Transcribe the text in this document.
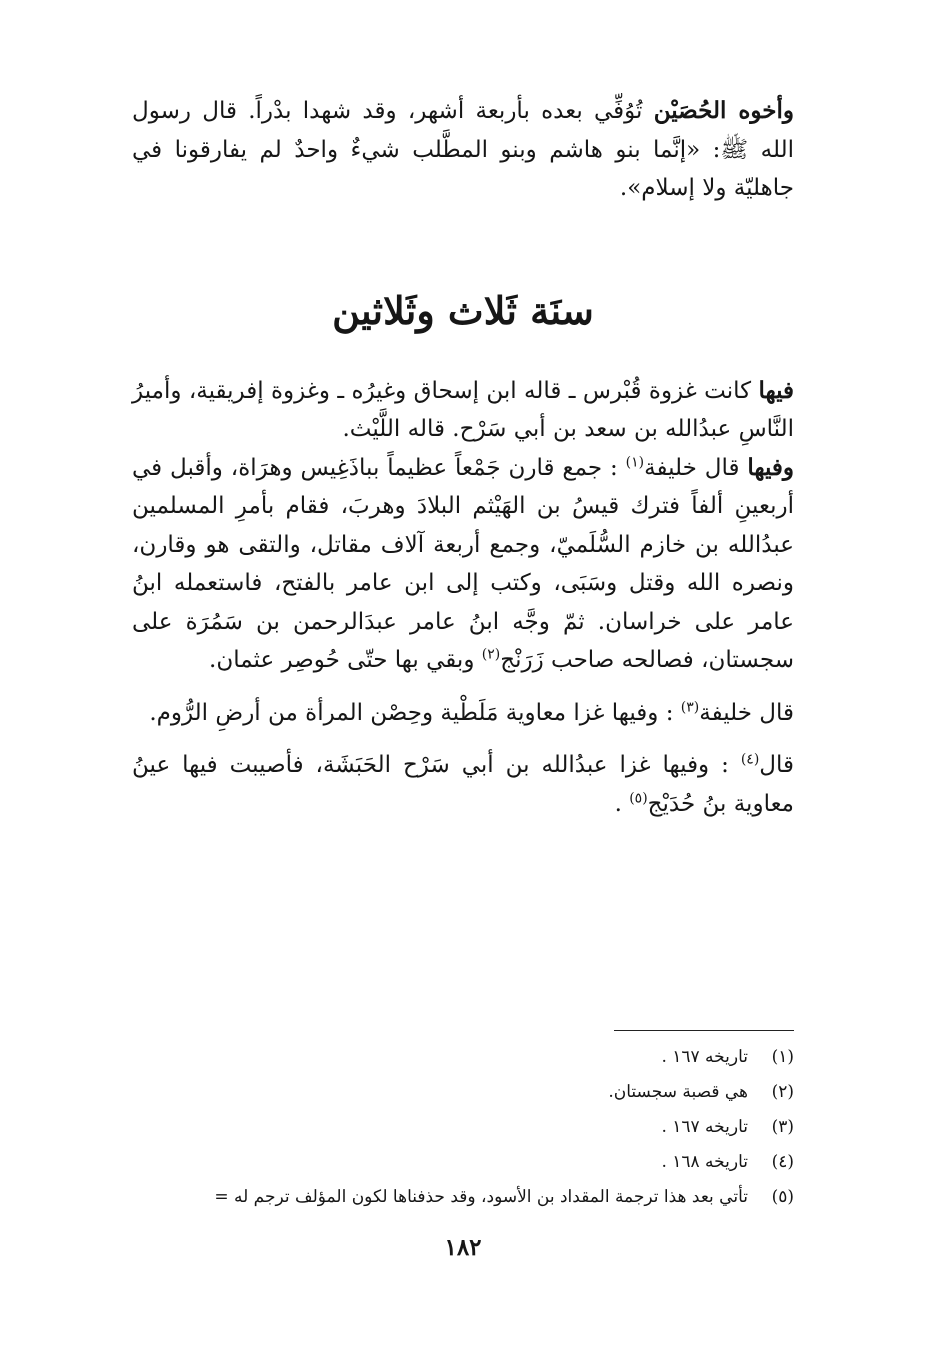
وأخوه الحُصَيْن تُوُفِّي بعده بأربعة أشهر، وقد شهدا بدْراً. قال رسول الله ﷺ: «إنَّما بنو هاشم وبنو المطَّلب شيءٌ واحدٌ لم يفارقونا في جاهليّة ولا إسلام».

سنَة ثَلاث وثَلاثين

فيها كانت غزوة قُبْرس ـ قاله ابن إسحاق وغيرُه ـ وغزوة إفريقية، وأميرُ النَّاسِ عبدُالله بن سعد بن أبي سَرْح. قاله اللَّيْث.

وفيها قال خليفة$^{(١)}$ : جمع قارن جَمْعاً عظيماً بباذَغِيس وهرَاة، وأقبل في أربعينِ ألفاً فترك قيسُ بن الهَيْثم البلادَ وهربَ، فقام بأمرِ المسلمين عبدُالله بن خازم السُّلَميّ، وجمع أربعة آلاف مقاتل، والتقى هو وقارن، ونصره الله وقتل وسَبَى، وكتب إلى ابن عامر بالفتح، فاستعمله ابنُ عامر على خراسان. ثمّ وجَّه ابنُ عامر عبدَالرحمن بن سَمُرَة على سجستان، فصالحه صاحب زَرَنْج$^{(٢)}$ وبقي بها حتّى حُوصِر عثمان.

قال خليفة$^{(٣)}$ : وفيها غزا معاوية مَلَطْية وحِصْن المرأة من أرضِ الرُّوم.

قال$^{(٤)}$ : وفيها غزا عبدُالله بن أبي سَرْح الحَبَشَة، فأصيبت فيها عينُ معاوية بنُ حُدَيْج$^{(٥)}$ .

(١)
تاريخه ١٦٧ .
(٢)
هي قصبة سجستان.
(٣)
تاريخه ١٦٧ .
(٤)
تاريخه ١٦٨ .
(٥)
تأتي بعد هذا ترجمة المقداد بن الأسود، وقد حذفناها لكون المؤلف ترجم له =
١٨٢
